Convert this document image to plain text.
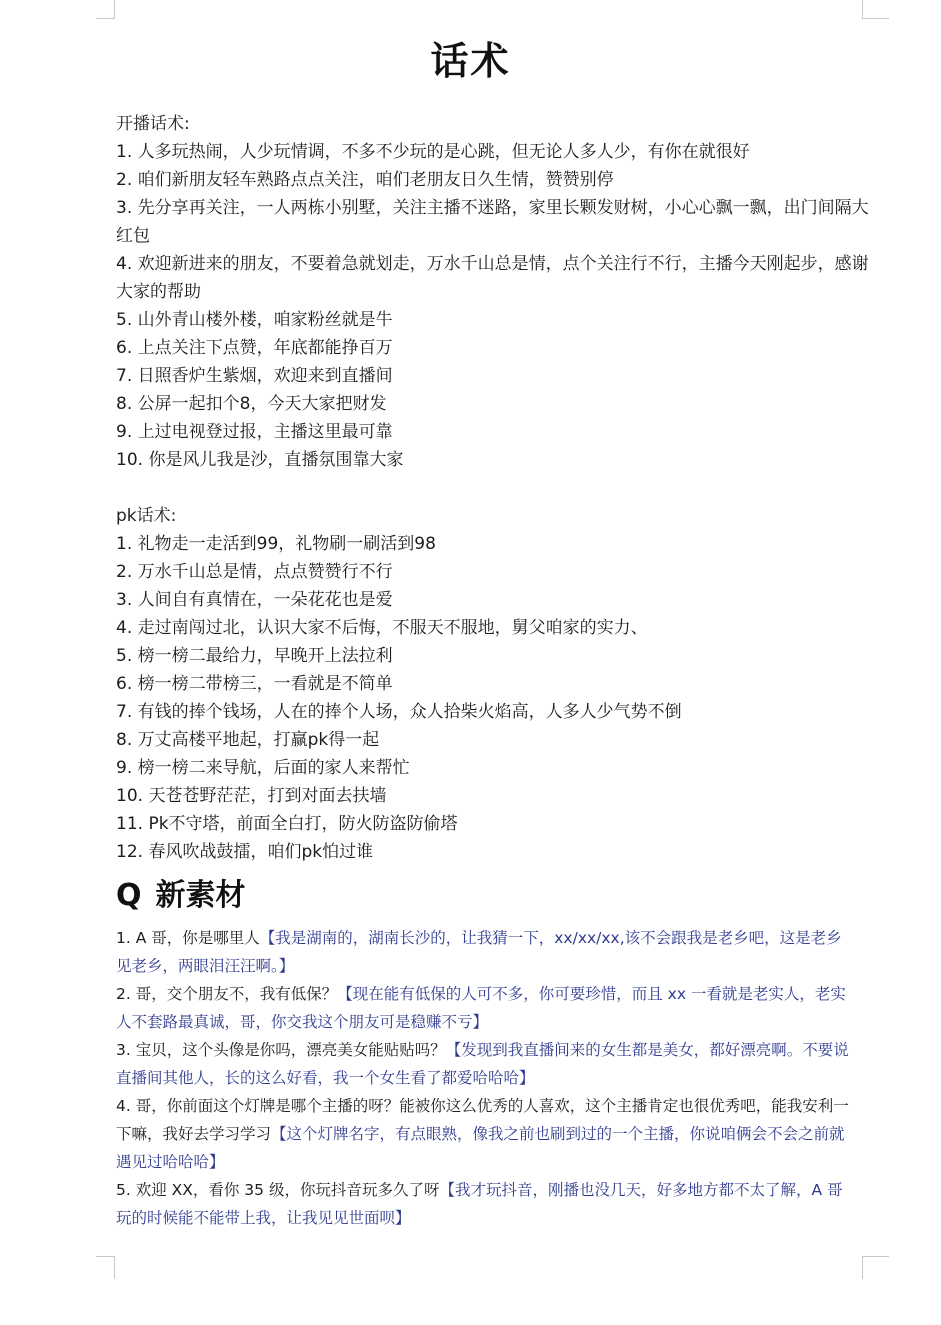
话术
开播话术:
1. 人多玩热闹，人少玩情调，不多不少玩的是心跳，但无论人多人少，有你在就很好
2. 咱们新朋友轻车熟路点点关注，咱们老朋友日久生情，赞赞别停
3. 先分享再关注，一人两栋小别墅，关注主播不迷路，家里长颗发财树，小心心飘一飘，出门间隔大红包
4. 欢迎新进来的朋友，不要着急就划走，万水千山总是情，点个关注行不行，主播今天刚起步，感谢大家的帮助
5. 山外青山楼外楼，咱家粉丝就是牛
6. 上点关注下点赞，年底都能挣百万
7. 日照香炉生紫烟，欢迎来到直播间
8. 公屏一起扣个8，今天大家把财发
9. 上过电视登过报，主播这里最可靠
10. 你是风儿我是沙，直播氛围靠大家
pk话术:
1. 礼物走一走活到99，礼物刷一刷活到98
2. 万水千山总是情，点点赞赞行不行
3. 人间自有真情在，一朵花花也是爱
4. 走过南闯过北，认识大家不后悔，不服天不服地，舅父咱家的实力、
5. 榜一榜二最给力，早晚开上法拉利
6. 榜一榜二带榜三，一看就是不简单
7. 有钱的捧个钱场，人在的捧个人场，众人拾柴火焰高，人多人少气势不倒
8. 万丈高楼平地起，打赢pk得一起
9. 榜一榜二来导航，后面的家人来帮忙
10. 天苍苍野茫茫，打到对面去扶墙
11. Pk不守塔，前面全白打，防火防盗防偷塔
12. 春风吹战鼓擂，咱们pk怕过谁
Q 新素材
1. A 哥，你是哪里人【我是湖南的，湖南长沙的，让我猜一下，xx/xx/xx,该不会跟我是老乡吧，这是老乡见老乡，两眼泪汪汪啊。】
2. 哥，交个朋友不，我有低保？【现在能有低保的人可不多，你可要珍惜，而且 xx 一看就是老实人，老实人不套路最真诚，哥，你交我这个朋友可是稳赚不亏】
3. 宝贝，这个头像是你吗，漂亮美女能贴贴吗？【发现到我直播间来的女生都是美女，都好漂亮啊。不要说直播间其他人，长的这么好看，我一个女生看了都爱哈哈哈】
4. 哥，你前面这个灯牌是哪个主播的呀？能被你这么优秀的人喜欢，这个主播肯定也很优秀吧，能我安利一下嘛，我好去学习学习【这个灯牌名字，有点眼熟，像我之前也刷到过的一个主播，你说咱俩会不会之前就遇见过哈哈哈】
5. 欢迎 XX，看你 35 级，你玩抖音玩多久了呀【我才玩抖音，刚播也没几天，好多地方都不太了解，A 哥玩的时候能不能带上我，让我见见世面呗】
